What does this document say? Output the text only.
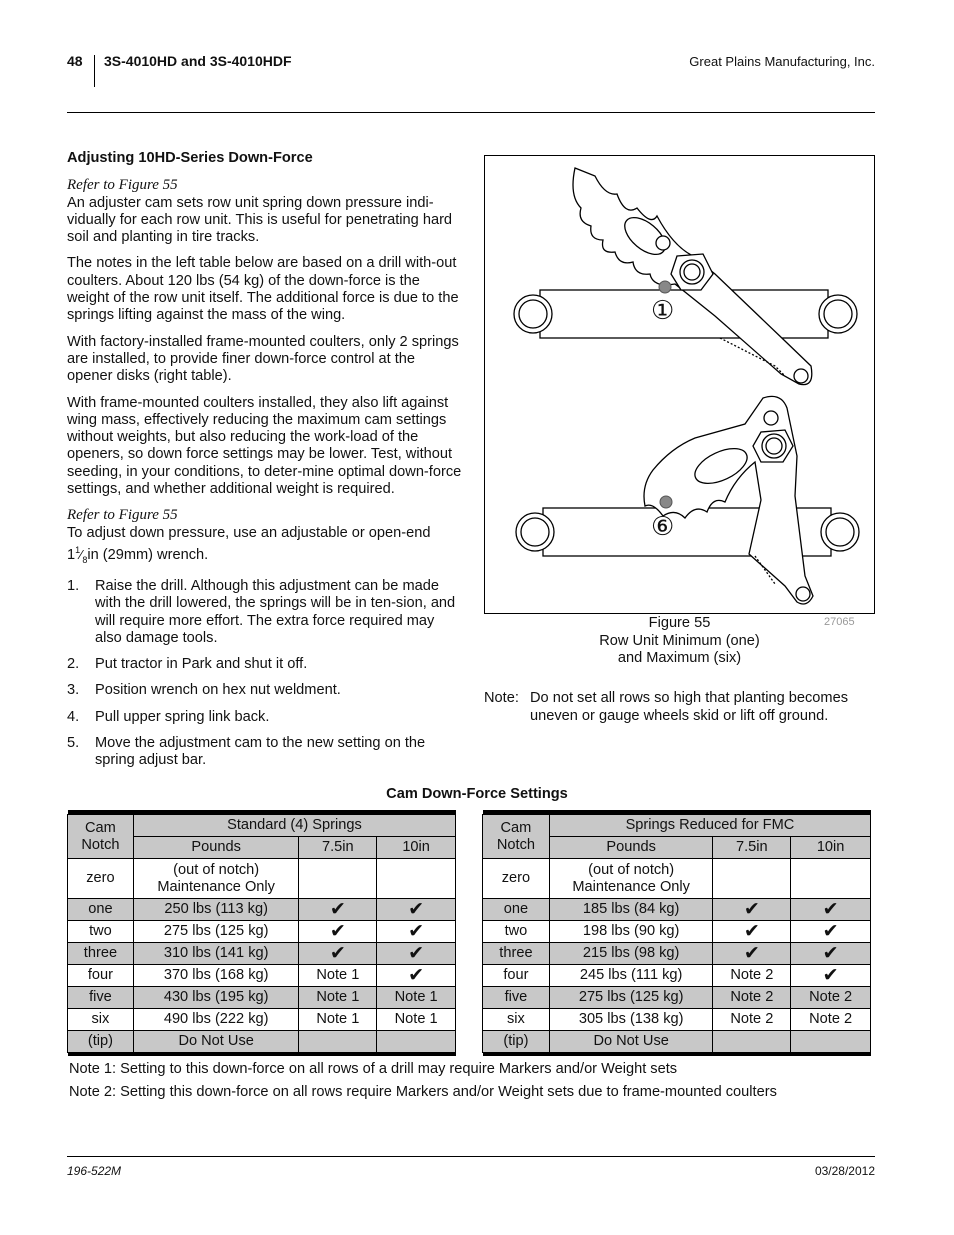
48 3S-4010HD and 3S-4010HDF	Great Plains Manufacturing, Inc.
Adjusting 10HD-Series Down-Force

Refer to Figure 55

An adjuster cam sets row unit spring down pressure indi-vidually for each row unit. This is useful for penetrating hard soil and planting in tire tracks.

The notes in the left table below are based on a drill with-out coulters. About 120 lbs (54 kg) of the down-force is the weight of the row unit itself. The additional force is due to the springs lifting against the mass of the wing.

With factory-installed frame-mounted coulters, only 2 springs are installed, to provide finer down-force control at the opener disks (right table).

With frame-mounted coulters installed, they also lift against wing mass, effectively reducing the maximum cam settings without weights, but also reducing the work-load of the openers, so down force settings may be lower. Test, without seeding, in your conditions, to deter-mine optimal down-force settings, and whether additional weight is required.

Refer to Figure 55

To adjust down pressure, use an adjustable or open-end $1^1⁄_8in$ (29mm) wrench.

1. Raise the drill. Although this adjustment can be made with the drill lowered, the springs will be in ten-sion, and will require more effort. The extra force required may also damage tools.
2. Put tractor in Park and shut it off.
3. Position wrench on hex nut weldment.
4. Pull upper spring link back.
5. Move the adjustment cam to the new setting on the spring adjust bar.
①
⑥
Figure 55
Row Unit Minimum (one)
and Maximum (six)
27065
Note: Do not set all rows so high that planting becomes uneven or gauge wheels skid or lift off ground.
Cam Down-Force Settings

Cam Notch	Standard (4) Springs		
	Pounds	7.5in	10in
zero	(out of notch)
Maintenance Only		

one	250 lbs (113 kg)	✔	✔
two	275 lbs (125 kg)	✔	✔
three	310 lbs (141 kg)	✔	✔
four	370 lbs (168 kg)	Note 1	✔
five	430 lbs (195 kg)	Note 1	Note 1
six	490 lbs (222 kg)	Note 1	Note 1
(tip)	Do Not Use		

Cam Notch	Springs Reduced for FMC		
	Pounds	7.5in	10in
zero	(out of notch)
Maintenance Only		

one	185 lbs (84 kg)	✔	✔
two	198 lbs (90 kg)	✔	✔
three	215 lbs (98 kg)	✔	✔
four	245 lbs (111 kg)	Note 2	✔
five	275 lbs (125 kg)	Note 2	Note 2
six	305 lbs (138 kg)	Note 2	Note 2
(tip)	Do Not Use		

Note 1: Setting to this down-force on all rows of a drill may require Markers and/or Weight sets
Note 2: Setting this down-force on all rows require Markers and/or Weight sets due to frame-mounted coulters
196-522M	03/28/2012
